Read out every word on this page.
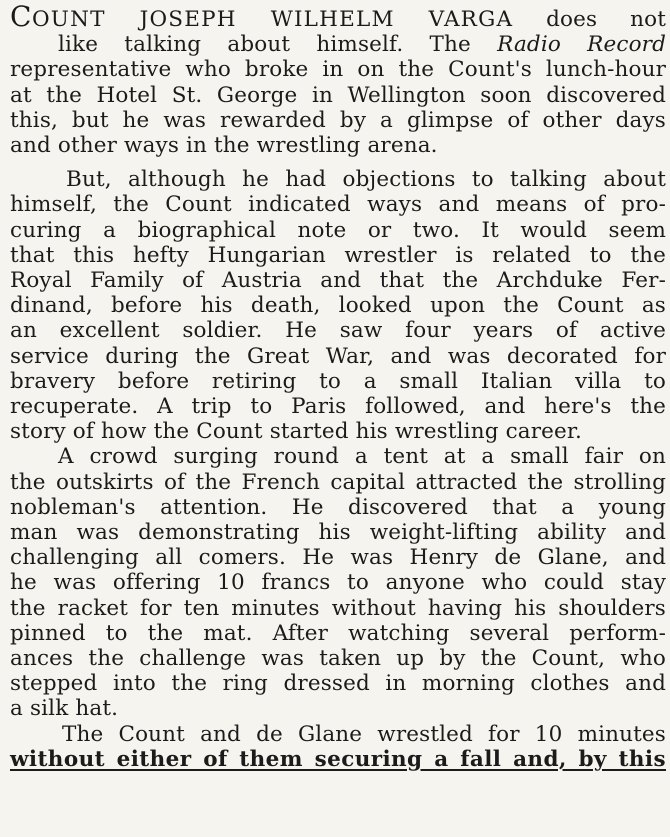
COUNT JOSEPH WILHELM VARGA does not
like talking about himself. The Radio Record
representative who broke in on the Count's lunch-hour
at the Hotel St. George in Wellington soon discovered
this, but he was rewarded by a glimpse of other days
and other ways in the wrestling arena.
But, although he had objections to talking about
himself, the Count indicated ways and means of pro-
curing a biographical note or two. It would seem
that this hefty Hungarian wrestler is related to the
Royal Family of Austria and that the Archduke Fer-
dinand, before his death, looked upon the Count as
an excellent soldier. He saw four years of active
service during the Great War, and was decorated for
bravery before retiring to a small Italian villa to
recuperate. A trip to Paris followed, and here's the
story of how the Count started his wrestling career.
A crowd surging round a tent at a small fair on
the outskirts of the French capital attracted the strolling
nobleman's attention. He discovered that a young
man was demonstrating his weight-lifting ability and
challenging all comers. He was Henry de Glane, and
he was offering 10 francs to anyone who could stay
the racket for ten minutes without having his shoulders
pinned to the mat. After watching several perform-
ances the challenge was taken up by the Count, who
stepped into the ring dressed in morning clothes and
a silk hat.
The Count and de Glane wrestled for 10 minutes
without either of them securing a fall and, by this
